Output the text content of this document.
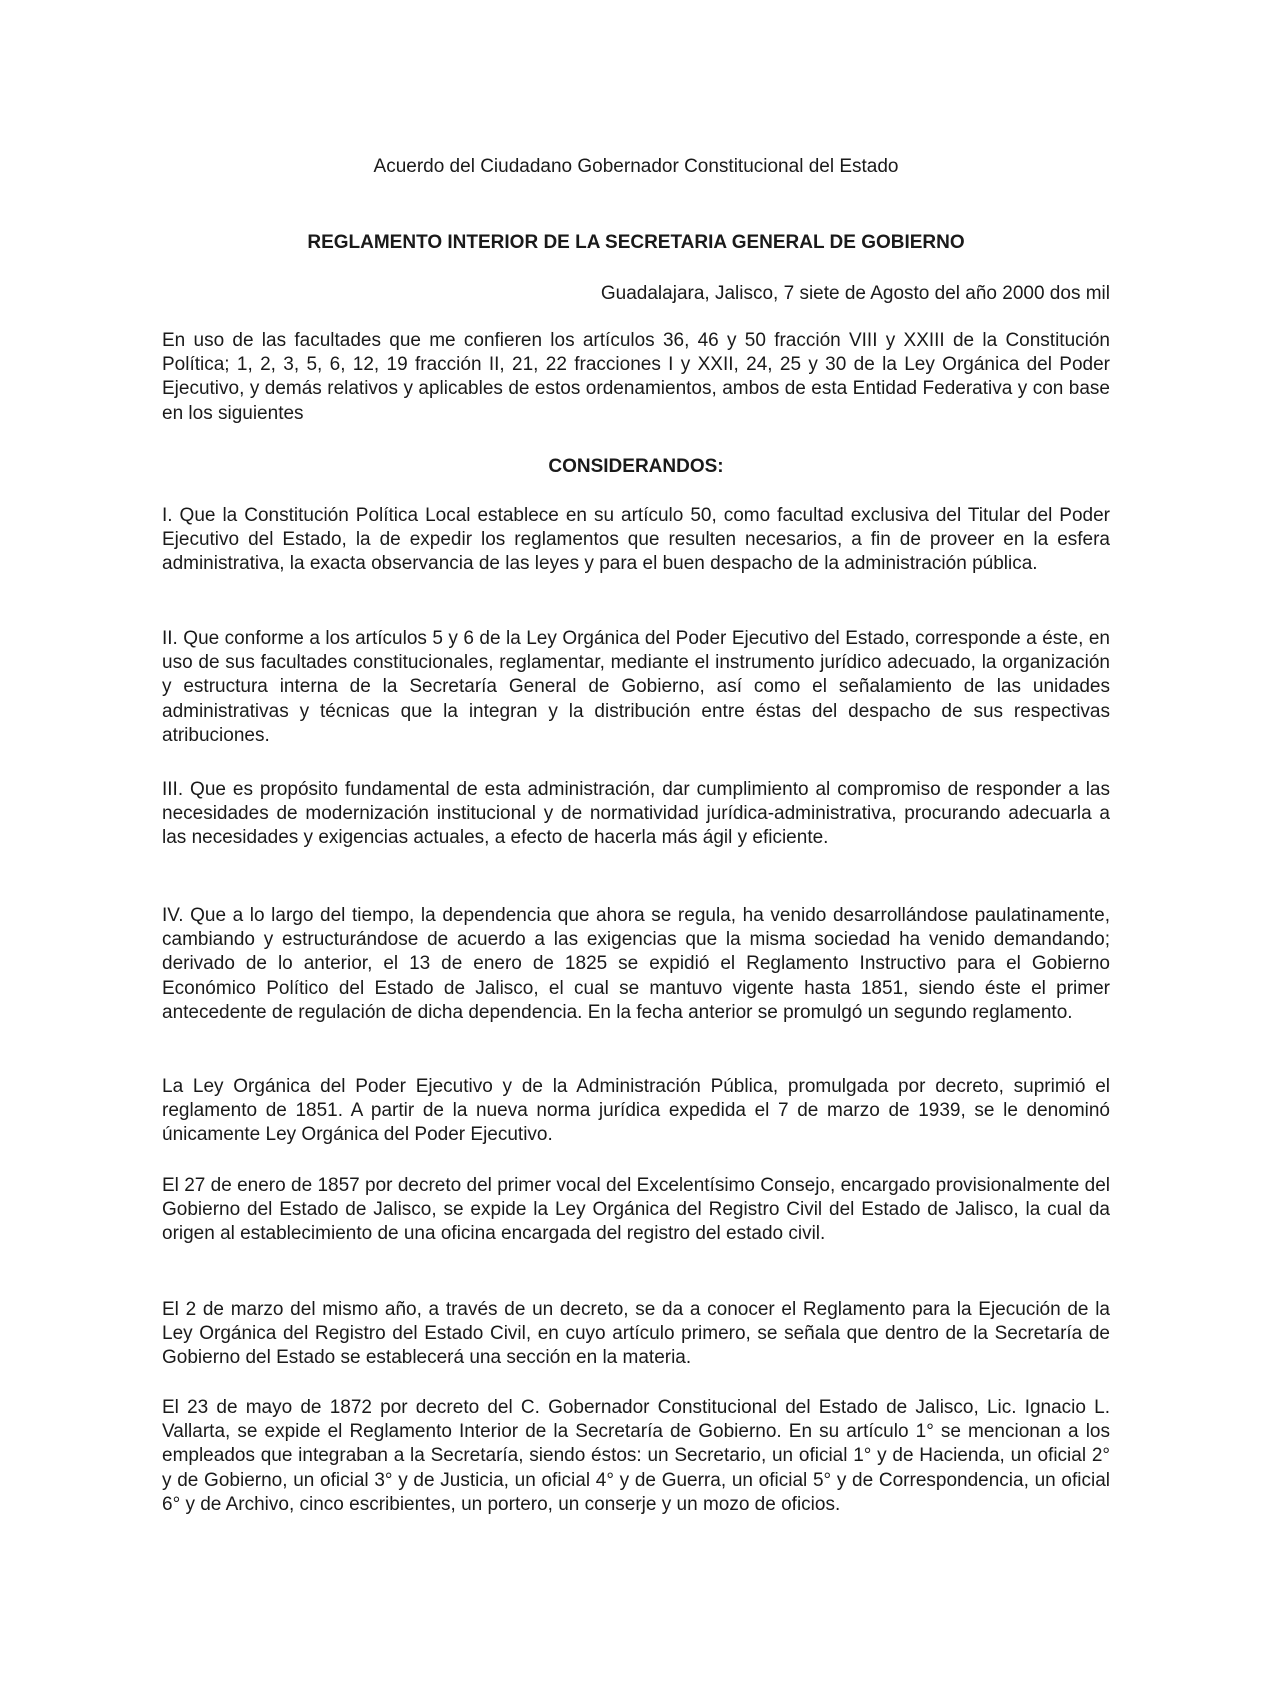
Acuerdo del Ciudadano Gobernador Constitucional del Estado
REGLAMENTO INTERIOR DE LA SECRETARIA GENERAL DE GOBIERNO
Guadalajara, Jalisco, 7 siete de Agosto del año 2000 dos mil

En uso de las facultades que me confieren los artículos 36, 46 y 50 fracción VIII y XXIII de la Constitución Política; 1, 2, 3, 5, 6, 12, 19 fracción II, 21, 22 fracciones I y XXII, 24, 25 y 30 de la Ley Orgánica del Poder Ejecutivo, y demás relativos y aplicables de estos ordenamientos, ambos de esta Entidad Federativa y con base en los siguientes

CONSIDERANDOS:

I. Que la Constitución Política Local establece en su artículo 50, como facultad exclusiva del Titular del Poder Ejecutivo del Estado, la de expedir los reglamentos que resulten necesarios, a fin de proveer en la esfera administrativa, la exacta observancia de las leyes y para el buen despacho de la administración pública.

II. Que conforme a los artículos 5 y 6 de la Ley Orgánica del Poder Ejecutivo del Estado, corresponde a éste, en uso de sus facultades constitucionales, reglamentar, mediante el instrumento jurídico adecuado, la organización y estructura interna de la Secretaría General de Gobierno, así como el señalamiento de las unidades administrativas y técnicas que la integran y la distribución entre éstas del despacho de sus respectivas atribuciones.

III. Que es propósito fundamental de esta administración, dar cumplimiento al compromiso de responder a las necesidades de modernización institucional y de normatividad jurídica-administrativa, procurando adecuarla a las necesidades y exigencias actuales, a efecto de hacerla más ágil y eficiente.

IV. Que a lo largo del tiempo, la dependencia que ahora se regula, ha venido desarrollándose paulatinamente, cambiando y estructurándose de acuerdo a las exigencias que la misma sociedad ha venido demandando; derivado de lo anterior, el 13 de enero de 1825 se expidió el Reglamento Instructivo para el Gobierno Económico Político del Estado de Jalisco, el cual se mantuvo vigente hasta 1851, siendo éste el primer antecedente de regulación de dicha dependencia. En la fecha anterior se promulgó un segundo reglamento.

La Ley Orgánica del Poder Ejecutivo y de la Administración Pública, promulgada por decreto, suprimió el reglamento de 1851. A partir de la nueva norma jurídica expedida el 7 de marzo de 1939, se le denominó únicamente Ley Orgánica del Poder Ejecutivo.

El 27 de enero de 1857 por decreto del primer vocal del Excelentísimo Consejo, encargado provisionalmente del Gobierno del Estado de Jalisco, se expide la Ley Orgánica del Registro Civil del Estado de Jalisco, la cual da origen al establecimiento de una oficina encargada del registro del estado civil.

El 2 de marzo del mismo año, a través de un decreto, se da a conocer el Reglamento para la Ejecución de la Ley Orgánica del Registro del Estado Civil, en cuyo artículo primero, se señala que dentro de la Secretaría de Gobierno del Estado se establecerá una sección en la materia.

El 23 de mayo de 1872 por decreto del C. Gobernador Constitucional del Estado de Jalisco, Lic. Ignacio L. Vallarta, se expide el Reglamento Interior de la Secretaría de Gobierno. En su artículo 1° se mencionan a los empleados que integraban a la Secretaría, siendo éstos: un Secretario, un oficial 1° y de Hacienda, un oficial 2° y de Gobierno, un oficial 3° y de Justicia, un oficial 4° y de Guerra, un oficial 5° y de Correspondencia, un oficial 6° y de Archivo, cinco escribientes, un portero, un conserje y un mozo de oficios.
